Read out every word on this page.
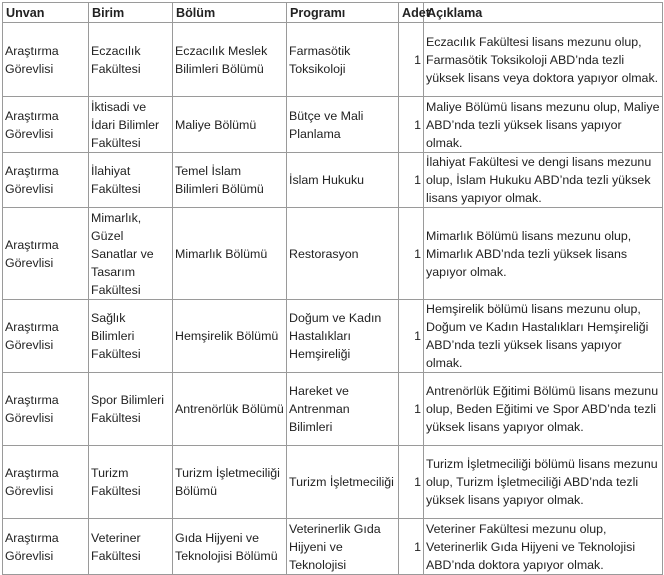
Unvan	Birim	Bölüm	Programı	Adet	Açıklama
Araştırma Görevlisi	Eczacılık Fakültesi	Eczacılık Meslek Bilimleri Bölümü	Farmasötik Toksikoloji	1	Eczacılık Fakültesi lisans mezunu olup, Farmasötik Toksikoloji ABD’nda tezli yüksek lisans veya doktora yapıyor olmak.
Araştırma Görevlisi	İktisadi ve İdari Bilimler Fakültesi	Maliye Bölümü	Bütçe ve Mali Planlama	1	Maliye Bölümü lisans mezunu olup, Maliye ABD’nda tezli yüksek lisans yapıyor olmak.
Araştırma Görevlisi	İlahiyat Fakültesi	Temel İslam Bilimleri Bölümü	İslam Hukuku	1	İlahiyat Fakültesi ve dengi lisans mezunu olup, İslam Hukuku ABD’nda tezli yüksek lisans yapıyor olmak.
Araştırma Görevlisi	Mimarlık, Güzel Sanatlar ve Tasarım Fakültesi	Mimarlık Bölümü	Restorasyon	1	Mimarlık Bölümü lisans mezunu olup, Mimarlık ABD’nda tezli yüksek lisans yapıyor olmak.
Araştırma Görevlisi	Sağlık Bilimleri Fakültesi	Hemşirelik Bölümü	Doğum ve Kadın Hastalıkları Hemşireliği	1	Hemşirelik bölümü lisans mezunu olup, Doğum ve Kadın Hastalıkları Hemşireliği ABD’nda tezli yüksek lisans yapıyor olmak.
Araştırma Görevlisi	Spor Bilimleri Fakültesi	Antrenörlük Bölümü	Hareket ve Antrenman Bilimleri	1	Antrenörlük Eğitimi Bölümü lisans mezunu olup, Beden Eğitimi ve Spor ABD’nda tezli yüksek lisans yapıyor olmak.
Araştırma Görevlisi	Turizm Fakültesi	Turizm İşletmeciliği Bölümü	Turizm İşletmeciliği	1	Turizm İşletmeciliği bölümü lisans mezunu olup, Turizm İşletmeciliği ABD’nda tezli yüksek lisans yapıyor olmak.
Araştırma Görevlisi	Veteriner Fakültesi	Gıda Hijyeni ve Teknolojisi Bölümü	Veterinerlik Gıda Hijyeni ve Teknolojisi	1	Veteriner Fakültesi mezunu olup, Veterinerlik Gıda Hijyeni ve Teknolojisi ABD’nda doktora yapıyor olmak.
